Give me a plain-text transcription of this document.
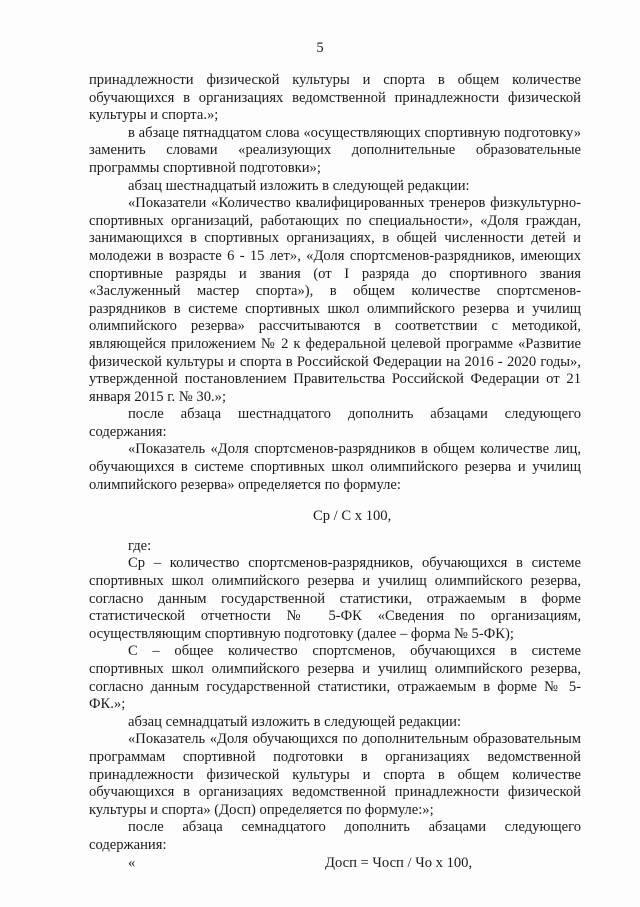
5

принадлежности физической культуры и спорта в общем количестве обучающихся в организациях ведомственной принадлежности физической культуры и спорта.»;

в абзаце пятнадцатом слова «осуществляющих спортивную подготовку» заменить словами «реализующих дополнительные образовательные программы спортивной подготовки»;

абзац шестнадцатый изложить в следующей редакции:

«Показатели «Количество квалифицированных тренеров физкультурно-спортивных организаций, работающих по специальности», «Доля граждан, занимающихся в спортивных организациях, в общей численности детей и молодежи в возрасте 6 - 15 лет», «Доля спортсменов-разрядников, имеющих спортивные разряды и звания (от I разряда до спортивного звания «Заслуженный мастер спорта»), в общем количестве спортсменов-разрядников в системе спортивных школ олимпийского резерва и училищ олимпийского резерва» рассчитываются в соответствии с методикой, являющейся приложением № 2 к федеральной целевой программе «Развитие физической культуры и спорта в Российской Федерации на 2016 - 2020 годы», утвержденной постановлением Правительства Российской Федерации от 21 января 2015 г. № 30.»;

после абзаца шестнадцатого дополнить абзацами следующего содержания:

«Показатель «Доля спортсменов-разрядников в общем количестве лиц, обучающихся в системе спортивных школ олимпийского резерва и училищ олимпийского резерва» определяется по формуле:

Ср / С х 100,

где:

Ср – количество спортсменов-разрядников, обучающихся в системе спортивных школ олимпийского резерва и училищ олимпийского резерва, согласно данным государственной статистики, отражаемым в форме статистической отчетности № 5-ФК «Сведения по организациям, осуществляющим спортивную подготовку (далее – форма № 5-ФК);

С – общее количество спортсменов, обучающихся в системе спортивных школ олимпийского резерва и училищ олимпийского резерва, согласно данным государственной статистики, отражаемым в форме № 5-ФК.»;

абзац семнадцатый изложить в следующей редакции:

«Показатель «Доля обучающихся по дополнительным образовательным программам спортивной подготовки в организациях ведомственной принадлежности физической культуры и спорта в общем количестве обучающихся в организациях ведомственной принадлежности физической культуры и спорта» (Досп) определяется по формуле:»;

после абзаца семнадцатого дополнить абзацами следующего содержания:

«	Досп = Чосп / Чо х 100,
